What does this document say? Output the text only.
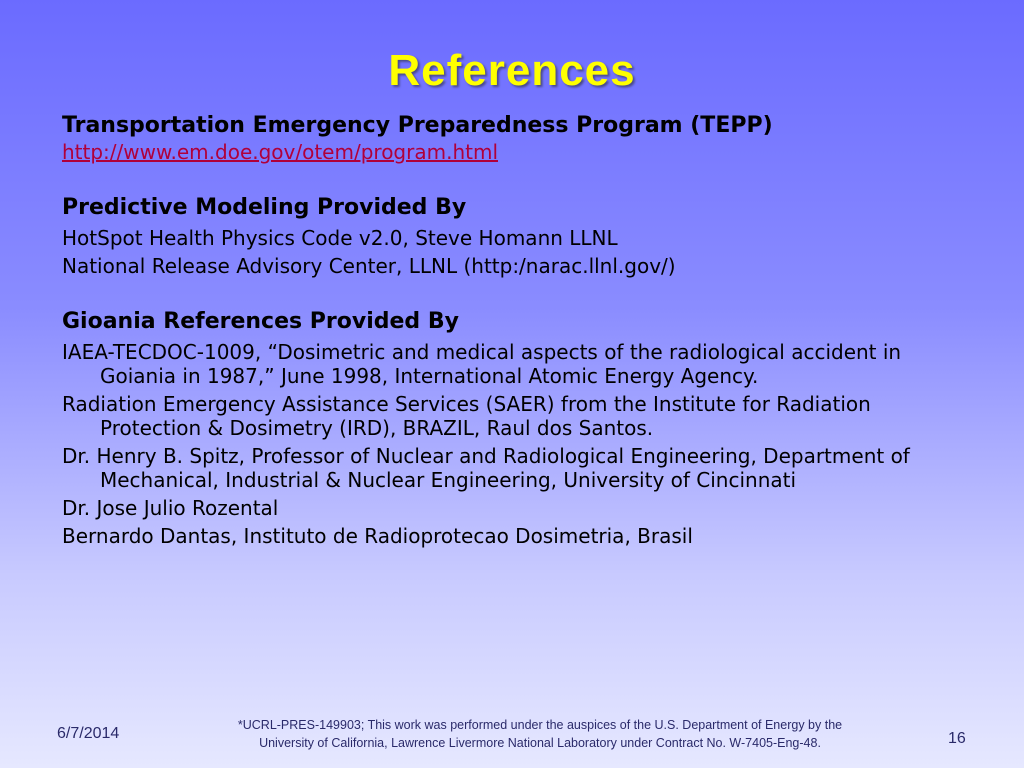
References
Transportation Emergency Preparedness Program (TEPP)
http://www.em.doe.gov/otem/program.html
Predictive Modeling Provided By
HotSpot Health Physics Code v2.0, Steve Homann LLNL
National Release Advisory Center, LLNL (http:/narac.llnl.gov/)
Gioania References Provided By
IAEA-TECDOC-1009, “Dosimetric and medical aspects of the radiological accident in Goiania in 1987,” June 1998, International Atomic Energy Agency.
Radiation Emergency Assistance Services (SAER) from the Institute for Radiation Protection & Dosimetry (IRD), BRAZIL, Raul dos Santos.
Dr. Henry B. Spitz, Professor of Nuclear and Radiological Engineering, Department of Mechanical, Industrial & Nuclear Engineering, University of Cincinnati
Dr. Jose Julio Rozental
Bernardo Dantas, Instituto de Radioprotecao Dosimetria, Brasil
6/7/2014	*UCRL-PRES-149903; This work was performed under the auspices of the U.S. Department of Energy by the
University of California, Lawrence Livermore National Laboratory under Contract No. W-7405-Eng-48.	16
